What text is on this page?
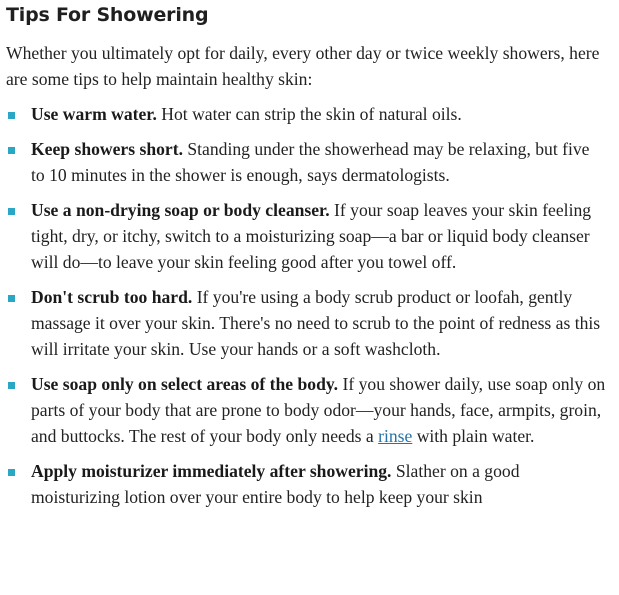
Tips For Showering

Whether you ultimately opt for daily, every other day or twice weekly showers, here are some tips to help maintain healthy skin:

Use warm water. Hot water can strip the skin of natural oils.
Keep showers short. Standing under the showerhead may be relaxing, but five to 10 minutes in the shower is enough, says dermatologists.
Use a non-drying soap or body cleanser. If your soap leaves your skin feeling tight, dry, or itchy, switch to a moisturizing soap—a bar or liquid body cleanser will do—to leave your skin feeling good after you towel off.
Don't scrub too hard. If you're using a body scrub product or loofah, gently massage it over your skin. There's no need to scrub to the point of redness as this will irritate your skin. Use your hands or a soft washcloth.
Use soap only on select areas of the body. If you shower daily, use soap only on parts of your body that are prone to body odor—your hands, face, armpits, groin, and buttocks. The rest of your body only needs a rinse with plain water.
Apply moisturizer immediately after showering. Slather on a good moisturizing lotion over your entire body to help keep your skin
